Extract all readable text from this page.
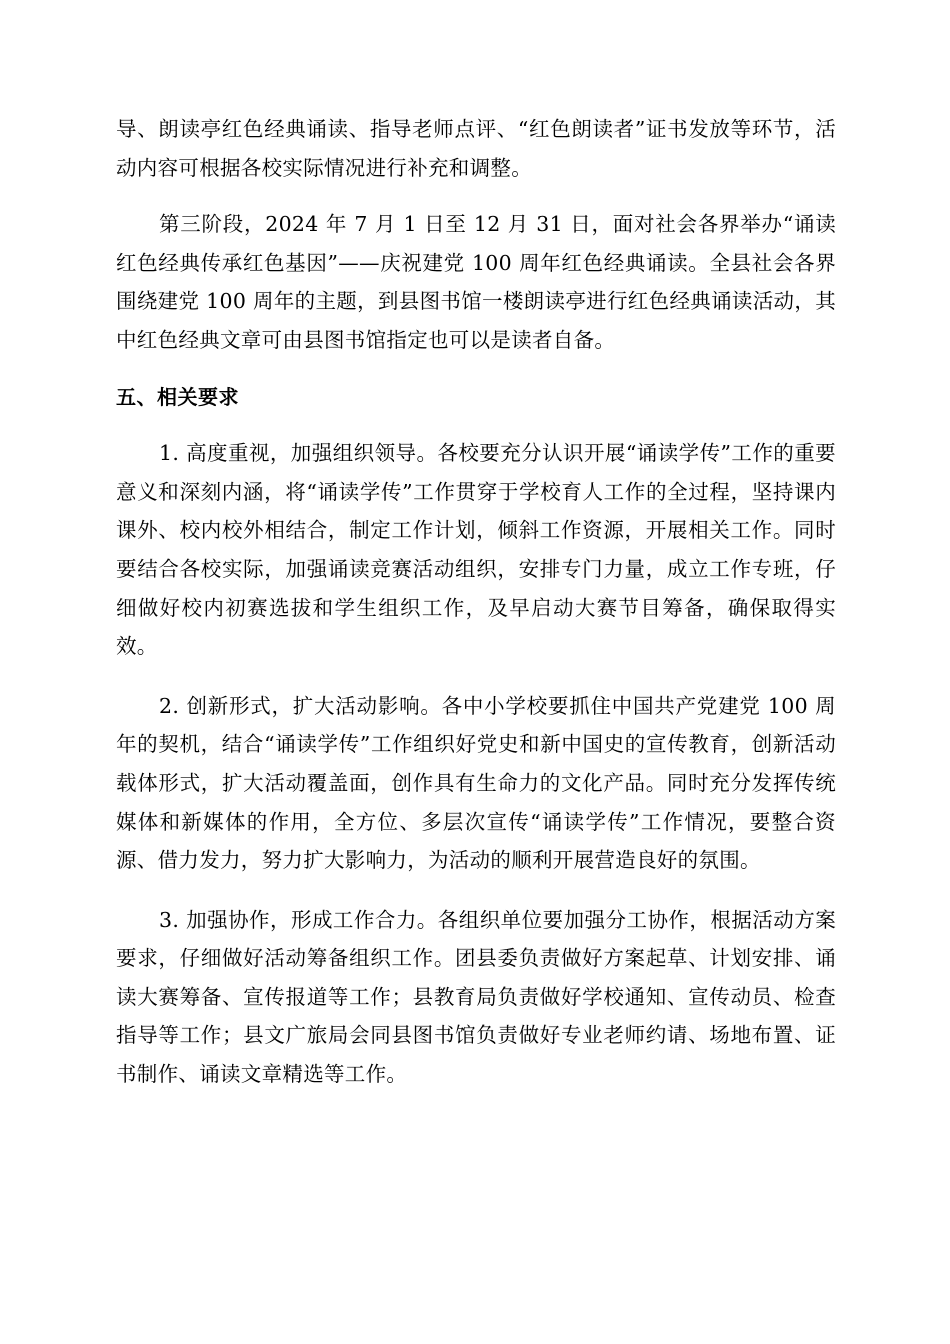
导、朗读亭红色经典诵读、指导老师点评、“红色朗读者”证书发放等环节，活动内容可根据各校实际情况进行补充和调整。

第三阶段，2024 年 7 月 1 日至 12 月 31 日，面对社会各界举办“诵读红色经典传承红色基因”——庆祝建党 100 周年红色经典诵读。全县社会各界围绕建党 100 周年的主题，到县图书馆一楼朗读亭进行红色经典诵读活动，其中红色经典文章可由县图书馆指定也可以是读者自备。

五、相关要求

1. 高度重视，加强组织领导。各校要充分认识开展“诵读学传”工作的重要意义和深刻内涵，将“诵读学传”工作贯穿于学校育人工作的全过程，坚持课内课外、校内校外相结合，制定工作计划，倾斜工作资源，开展相关工作。同时要结合各校实际，加强诵读竞赛活动组织，安排专门力量，成立工作专班，仔细做好校内初赛选拔和学生组织工作，及早启动大赛节目筹备，确保取得实效。

2. 创新形式，扩大活动影响。各中小学校要抓住中国共产党建党 100 周年的契机，结合“诵读学传”工作组织好党史和新中国史的宣传教育，创新活动载体形式，扩大活动覆盖面，创作具有生命力的文化产品。同时充分发挥传统媒体和新媒体的作用，全方位、多层次宣传“诵读学传”工作情况，要整合资源、借力发力，努力扩大影响力，为活动的顺利开展营造良好的氛围。

3. 加强协作，形成工作合力。各组织单位要加强分工协作，根据活动方案要求，仔细做好活动筹备组织工作。团县委负责做好方案起草、计划安排、诵读大赛筹备、宣传报道等工作；县教育局负责做好学校通知、宣传动员、检查指导等工作；县文广旅局会同县图书馆负责做好专业老师约请、场地布置、证书制作、诵读文章精选等工作。
